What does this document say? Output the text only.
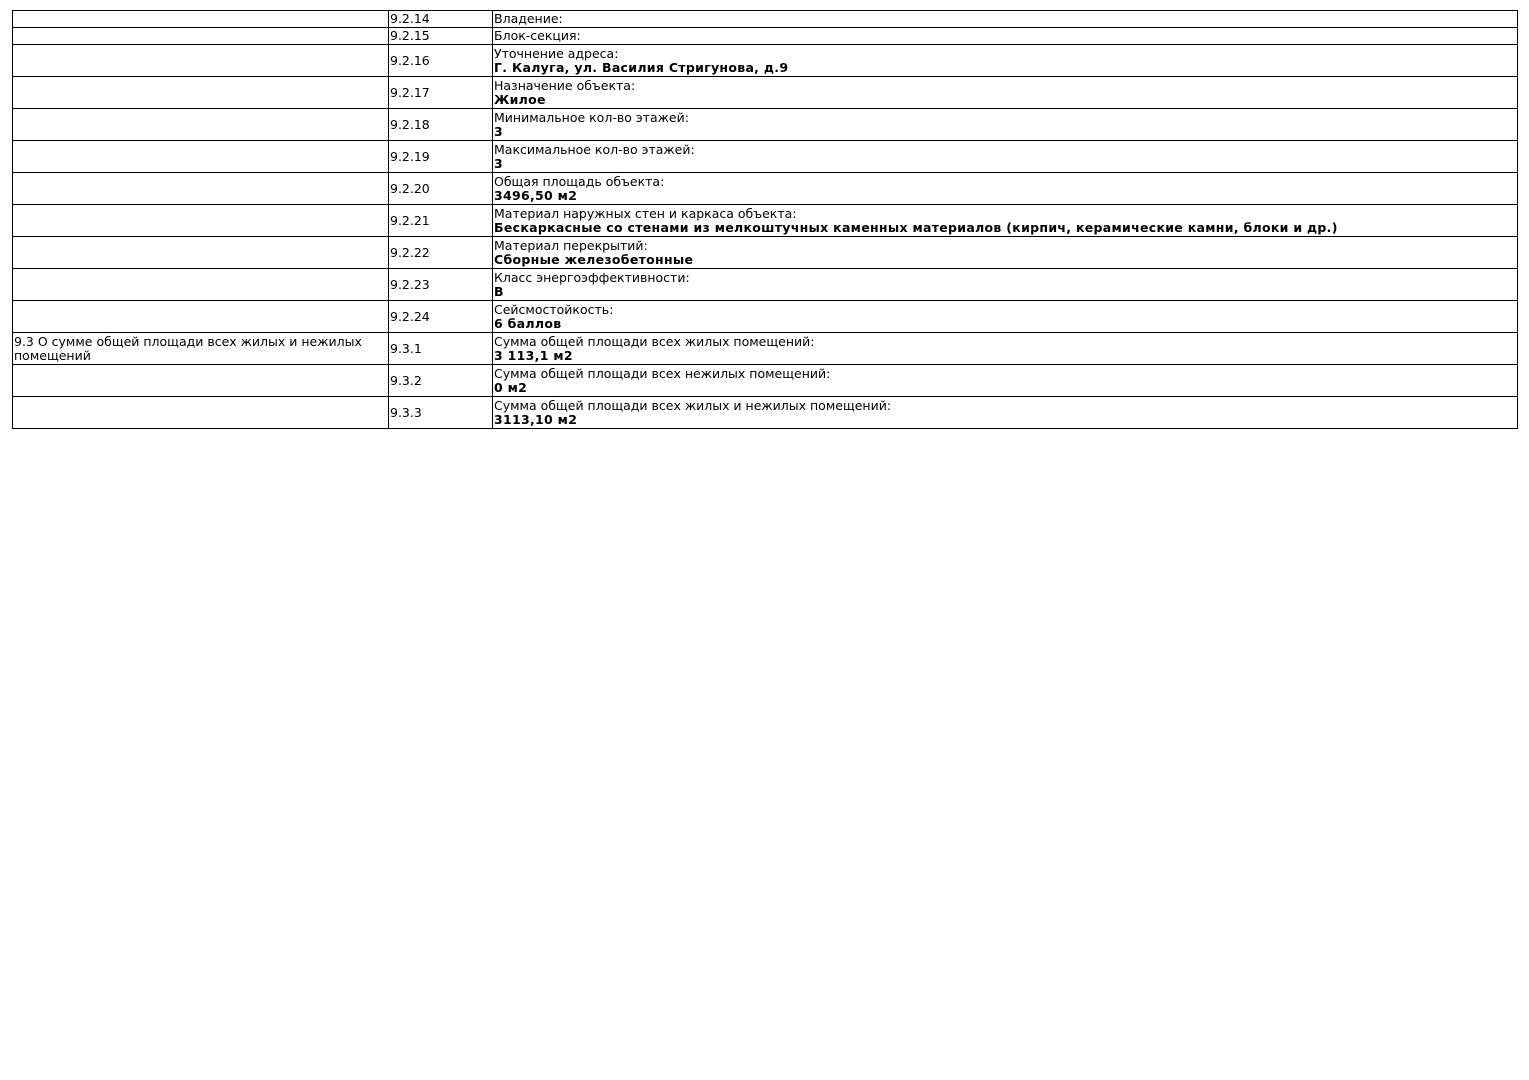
	9.2.14	Владение:

	9.2.15	Блок-секция:

	9.2.16	Уточнение адреса:
Г. Калуга, ул. Василия Стригунова, д.9

	9.2.17	Назначение объекта:
Жилое

	9.2.18	Минимальное кол-во этажей:
3

	9.2.19	Максимальное кол-во этажей:
3

	9.2.20	Общая площадь объекта:
3496,50 м2

	9.2.21	Материал наружных стен и каркаса объекта:
Бескаркасные со стенами из мелкоштучных каменных материалов (кирпич, керамические камни, блоки и др.)

	9.2.22	Материал перекрытий:
Сборные железобетонные

	9.2.23	Класс энергоэффективности:
B

	9.2.24	Сейсмостойкость:
6 баллов

9.3 О сумме общей площади всех жилых и нежилых помещений	9.3.1	Сумма общей площади всех жилых помещений:
3 113,1 м2

	9.3.2	Сумма общей площади всех нежилых помещений:
0 м2

	9.3.3	Сумма общей площади всех жилых и нежилых помещений:
3113,10 м2
